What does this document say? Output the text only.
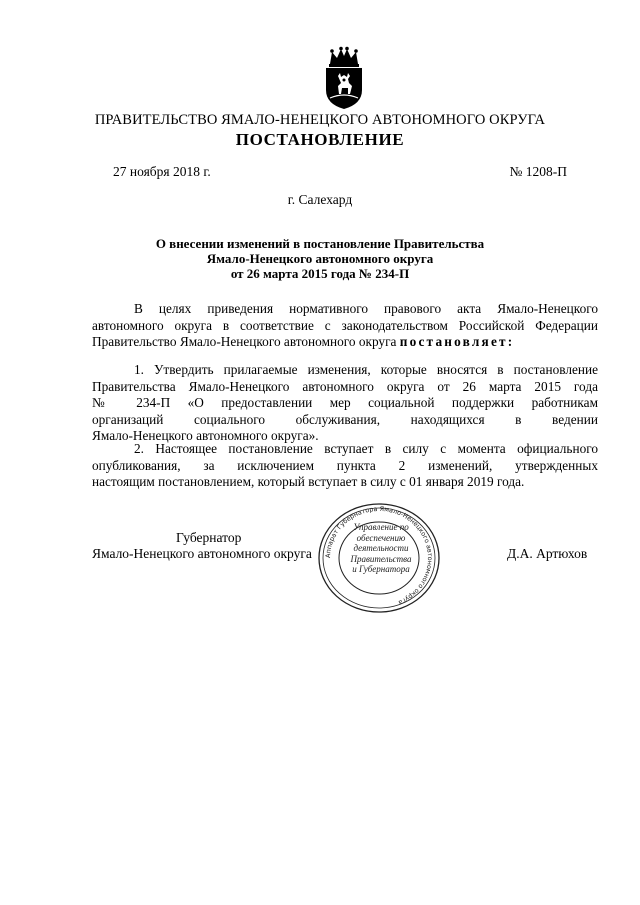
ПРАВИТЕЛЬСТВО ЯМАЛО-НЕНЕЦКОГО АВТОНОМНОГО ОКРУГА
ПОСТАНОВЛЕНИЕ
27 ноября 2018 г.	№ 1208-П
г. Салехард
О внесении изменений в постановление Правительства
Ямало-Ненецкого автономного округа
от 26 марта 2015 года № 234-П
В целях приведения нормативного правового акта Ямало-Ненецкого
автономного округа в соответствие с законодательством Российской Федерации
Правительство Ямало-Ненецкого автономного округа постановляет:
1. Утвердить прилагаемые изменения, которые вносятся в постановление
Правительства Ямало-Ненецкого автономного округа от 26 марта 2015 года
№ 234-П «О предоставлении мер социальной поддержки работникам
организаций социального обслуживания, находящихся в ведении
Ямало-Ненецкого автономного округа».
2. Настоящее постановление вступает в силу с момента официального
опубликования, за исключением пункта 2 изменений, утвержденных
настоящим постановлением, который вступает в силу с 01 января 2019 года.
Губернатор
Ямало-Ненецкого автономного округа Аппарат Губернатора Ямало-Ненецкого автономного округа
Управление по
обеспечению
деятельности
Правительства
и Губернатора
Д.А. Артюхов
